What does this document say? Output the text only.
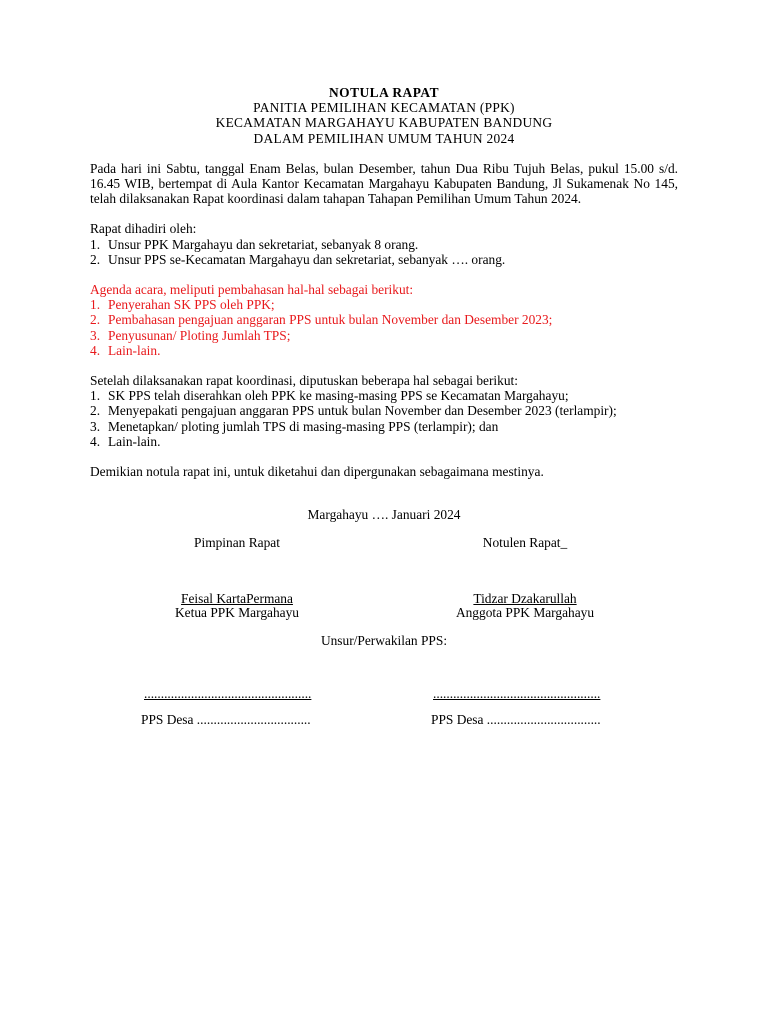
NOTULA RAPAT
PANITIA PEMILIHAN KECAMATAN (PPK)
KECAMATAN MARGAHAYU KABUPATEN BANDUNG
DALAM PEMILIHAN UMUM TAHUN 2024
Pada hari ini Sabtu, tanggal Enam Belas, bulan Desember, tahun Dua Ribu Tujuh Belas, pukul 15.00 s/d. 16.45 WIB, bertempat di Aula Kantor Kecamatan Margahayu Kabupaten Bandung, Jl Sukamenak No 145, telah dilaksanakan Rapat koordinasi dalam tahapan Tahapan Pemilihan Umum Tahun 2024.
Rapat dihadiri oleh:
1. Unsur PPK Margahayu dan sekretariat, sebanyak 8 orang.
2. Unsur PPS se-Kecamatan Margahayu dan sekretariat, sebanyak …. orang.
Agenda acara, meliputi pembahasan hal-hal sebagai berikut:
1. Penyerahan SK PPS oleh PPK;
2. Pembahasan pengajuan anggaran PPS untuk bulan November dan Desember 2023;
3. Penyusunan/ Ploting Jumlah TPS;
4. Lain-lain.
Setelah dilaksanakan rapat koordinasi, diputuskan beberapa hal sebagai berikut:
1. SK PPS telah diserahkan oleh PPK ke masing-masing PPS se Kecamatan Margahayu;
2. Menyepakati pengajuan anggaran PPS untuk bulan November dan Desember 2023 (terlampir);
3. Menetapkan/ ploting jumlah TPS di masing-masing PPS (terlampir); dan
4. Lain-lain.
Demikian notula rapat ini, untuk diketahui dan dipergunakan sebagaimana mestinya.
Margahayu …. Januari 2024
Pimpinan Rapat	Notulen Rapat_
Feisal KartaPermana	Tidzar Dzakarullah
Ketua PPK Margahayu	Anggota PPK Margahayu
Unsur/Perwakilan PPS:
..................................................	..................................................
PPS Desa ..................................	PPS Desa ..................................
